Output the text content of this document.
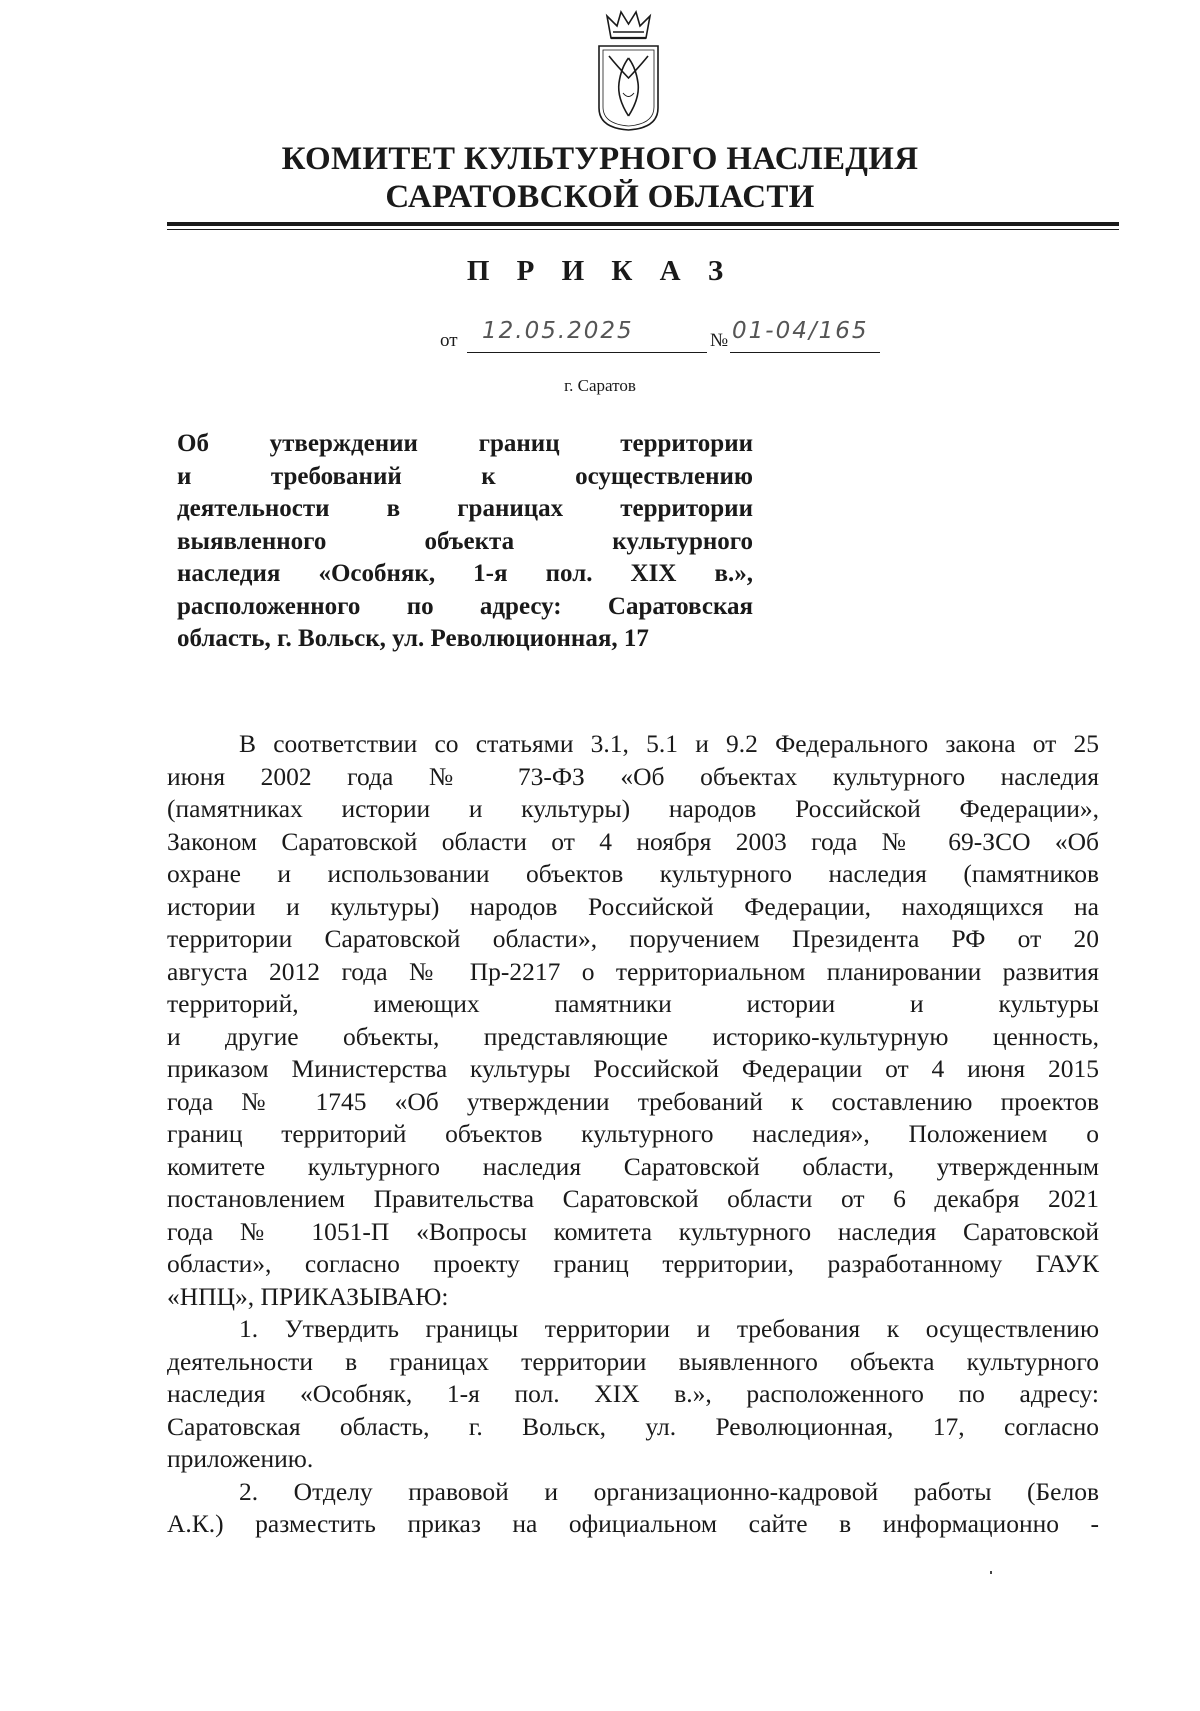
КОМИТЕТ КУЛЬТУРНОГО НАСЛЕДИЯ
САРАТОВСКОЙ ОБЛАСТИ
П Р И К А З
от 12.05.2025	№ 01-04/165
г. Саратов
Об утверждении границ территории
и требований к осуществлению
деятельности в границах территории
выявленного объекта культурного
наследия «Особняк, 1-я пол. XIX в.»,
расположенного по адресу: Саратовская
область, г. Вольск, ул. Революционная, 17
В соответствии со статьями 3.1, 5.1 и 9.2 Федерального закона от 25
июня 2002 года № 73-ФЗ «Об объектах культурного наследия
(памятниках истории и культуры) народов Российской Федерации»,
Законом Саратовской области от 4 ноября 2003 года № 69-ЗСО «Об
охране и использовании объектов культурного наследия (памятников
истории и культуры) народов Российской Федерации, находящихся на
территории Саратовской области», поручением Президента РФ от 20
августа 2012 года № Пр-2217 о территориальном планировании развития
территорий, имеющих памятники истории и культуры
и другие объекты, представляющие историко-культурную ценность,
приказом Министерства культуры Российской Федерации от 4 июня 2015
года № 1745 «Об утверждении требований к составлению проектов
границ территорий объектов культурного наследия», Положением о
комитете культурного наследия Саратовской области, утвержденным
постановлением Правительства Саратовской области от 6 декабря 2021
года № 1051-П «Вопросы комитета культурного наследия Саратовской
области», согласно проекту границ территории, разработанному ГАУК
«НПЦ», ПРИКАЗЫВАЮ:
1. Утвердить границы территории и требования к осуществлению
деятельности в границах территории выявленного объекта культурного
наследия «Особняк, 1-я пол. XIX в.», расположенного по адресу:
Саратовская область, г. Вольск, ул. Революционная, 17, согласно
приложению.
2. Отделу правовой и организационно-кадровой работы (Белов
А.К.) разместить приказ на официальном сайте в информационно -
